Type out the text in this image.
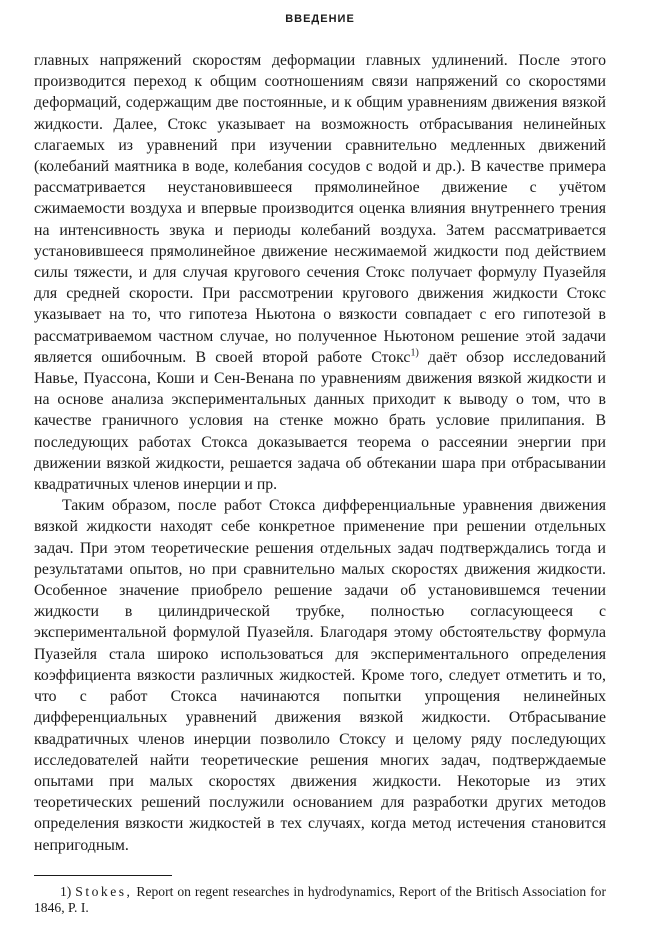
ВВЕДЕНИЕ

главных напряжений скоростям деформации главных удлинений. После этого производится переход к общим соотношениям связи напряжений со скоростями деформаций, содержащим две постоянные, и к общим уравнениям движения вязкой жидкости. Далее, Стокс указывает на возможность отбрасывания нелинейных слагаемых из уравнений при изучении сравнительно медленных движений (колебаний маятника в воде, колебания сосудов с водой и др.). В качестве примера рассматривается неустановившееся прямолинейное движение с учётом сжимаемости воздуха и впервые производится оценка влияния внутреннего трения на интенсивность звука и периоды колебаний воздуха. Затем рассматривается установившееся прямолинейное движение несжимаемой жидкости под действием силы тяжести, и для случая кругового сечения Стокс получает формулу Пуазейля для средней скорости. При рассмотрении кругового движения жидкости Стокс указывает на то, что гипотеза Ньютона о вязкости совпадает с его гипотезой в рассматриваемом частном случае, но полученное Ньютоном решение этой задачи является ошибочным. В своей второй работе Стокс$^{1)}$ даёт обзор исследований Навье, Пуассона, Коши и Сен-Венана по уравнениям движения вязкой жидкости и на основе анализа экспериментальных данных приходит к выводу о том, что в качестве граничного условия на стенке можно брать условие прилипания. В последующих работах Стокса доказывается теорема о рассеянии энергии при движении вязкой жидкости, решается задача об обтекании шара при отбрасывании квадратичных членов инерции и пр.

Таким образом, после работ Стокса дифференциальные уравнения движения вязкой жидкости находят себе конкретное применение при решении отдельных задач. При этом теоретические решения отдельных задач подтверждались тогда и результатами опытов, но при сравнительно малых скоростях движения жидкости. Особенное значение приобрело решение задачи об установившемся течении жидкости в цилиндрической трубке, полностью согласующееся с экспериментальной формулой Пуазейля. Благодаря этому обстоятельству формула Пуазейля стала широко использоваться для экспериментального определения коэффициента вязкости различных жидкостей. Кроме того, следует отметить и то, что с работ Стокса начинаются попытки упрощения нелинейных дифференциальных уравнений движения вязкой жидкости. Отбрасывание квадратичных членов инерции позволило Стоксу и целому ряду последующих исследователей найти теоретические решения многих задач, подтверждаемые опытами при малых скоростях движения жидкости. Некоторые из этих теоретических решений послужили основанием для разработки других методов определения вязкости жидкостей в тех случаях, когда метод истечения становится непригодным.

1) Stokes, Report on regent researches in hydrodynamics, Report of the Britisch Association for 1846, P. I.
